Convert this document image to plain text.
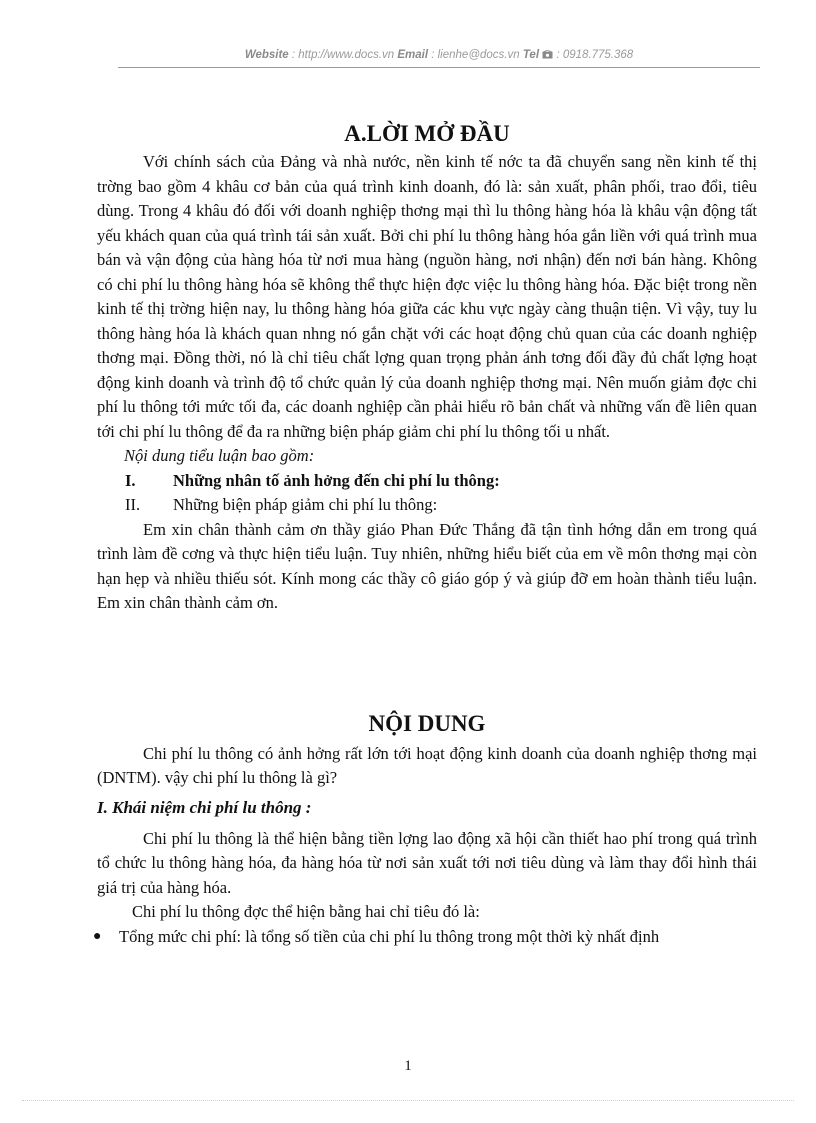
Website : http://www.docs.vn Email : lienhe@docs.vn Tel  : 0918.775.368
A.LỜI MỞ ĐẦU

Với chính sách của Đảng và nhà nước, nền kinh tế nớc ta đã chuyển sang nền kinh tế thị trờng bao gồm 4 khâu cơ bản của quá trình kinh doanh, đó là: sản xuất, phân phối, trao đổi, tiêu dùng. Trong 4 khâu đó đối với doanh nghiệp thơng mại thì lu thông hàng hóa là khâu vận động tất yếu khách quan của quá trình tái sản xuất. Bởi chi phí lu thông hàng hóa gắn liền với quá trình mua bán và vận động của hàng hóa từ nơi mua hàng (nguồn hàng, nơi nhận) đến nơi bán hàng. Không có chi phí lu thông hàng hóa sẽ không thể thực hiện đợc việc lu thông hàng hóa. Đặc biệt trong nền kinh tế thị trờng hiện nay, lu thông hàng hóa giữa các khu vực ngày càng thuận tiện. Vì vậy, tuy lu thông hàng hóa là khách quan nhng nó gắn chặt với các hoạt động chủ quan của các doanh nghiệp thơng mại. Đồng thời, nó là chỉ tiêu chất lợng quan trọng phản ánh tơng đối đầy đủ chất lợng hoạt động kinh doanh và trình độ tổ chức quản lý của doanh nghiệp thơng mại. Nên muốn giảm đợc chi phí lu thông tới mức tối đa, các doanh nghiệp cần phải hiểu rõ bản chất và những vấn đề liên quan tới chi phí lu thông để đa ra những biện pháp giảm chi phí lu thông tối u nhất.

Nội dung tiểu luận bao gồm:
I.	Những nhân tố ảnh hởng đến chi phí lu thông:
II.	Những biện pháp giảm chi phí lu thông:

Em xin chân thành cảm ơn thầy giáo Phan Đức Thắng đã tận tình hớng dẫn em trong quá trình làm đề cơng và thực hiện tiểu luận. Tuy nhiên, những hiểu biết của em về môn thơng mại còn hạn hẹp và nhiều thiếu sót. Kính mong các thầy cô giáo góp ý và giúp đỡ em hoàn thành tiểu luận. Em xin chân thành cảm ơn.

NỘI DUNG

Chi phí lu thông có ảnh hởng rất lớn tới hoạt động kinh doanh của doanh nghiệp thơng mại (DNTM). vậy chi phí lu thông là gì?

I. Khái niệm chi phí lu thông :

Chi phí lu thông là thể hiện bằng tiền lợng lao động xã hội cần thiết hao phí trong quá trình tổ chức lu thông hàng hóa, đa hàng hóa từ nơi sản xuất tới nơi tiêu dùng và làm thay đổi hình thái giá trị của hàng hóa.

Chi phí lu thông đợc thể hiện bằng hai chỉ tiêu đó là:

●	Tổng mức chi phí: là tổng số tiền của chi phí lu thông trong một thời kỳ nhất định
1
